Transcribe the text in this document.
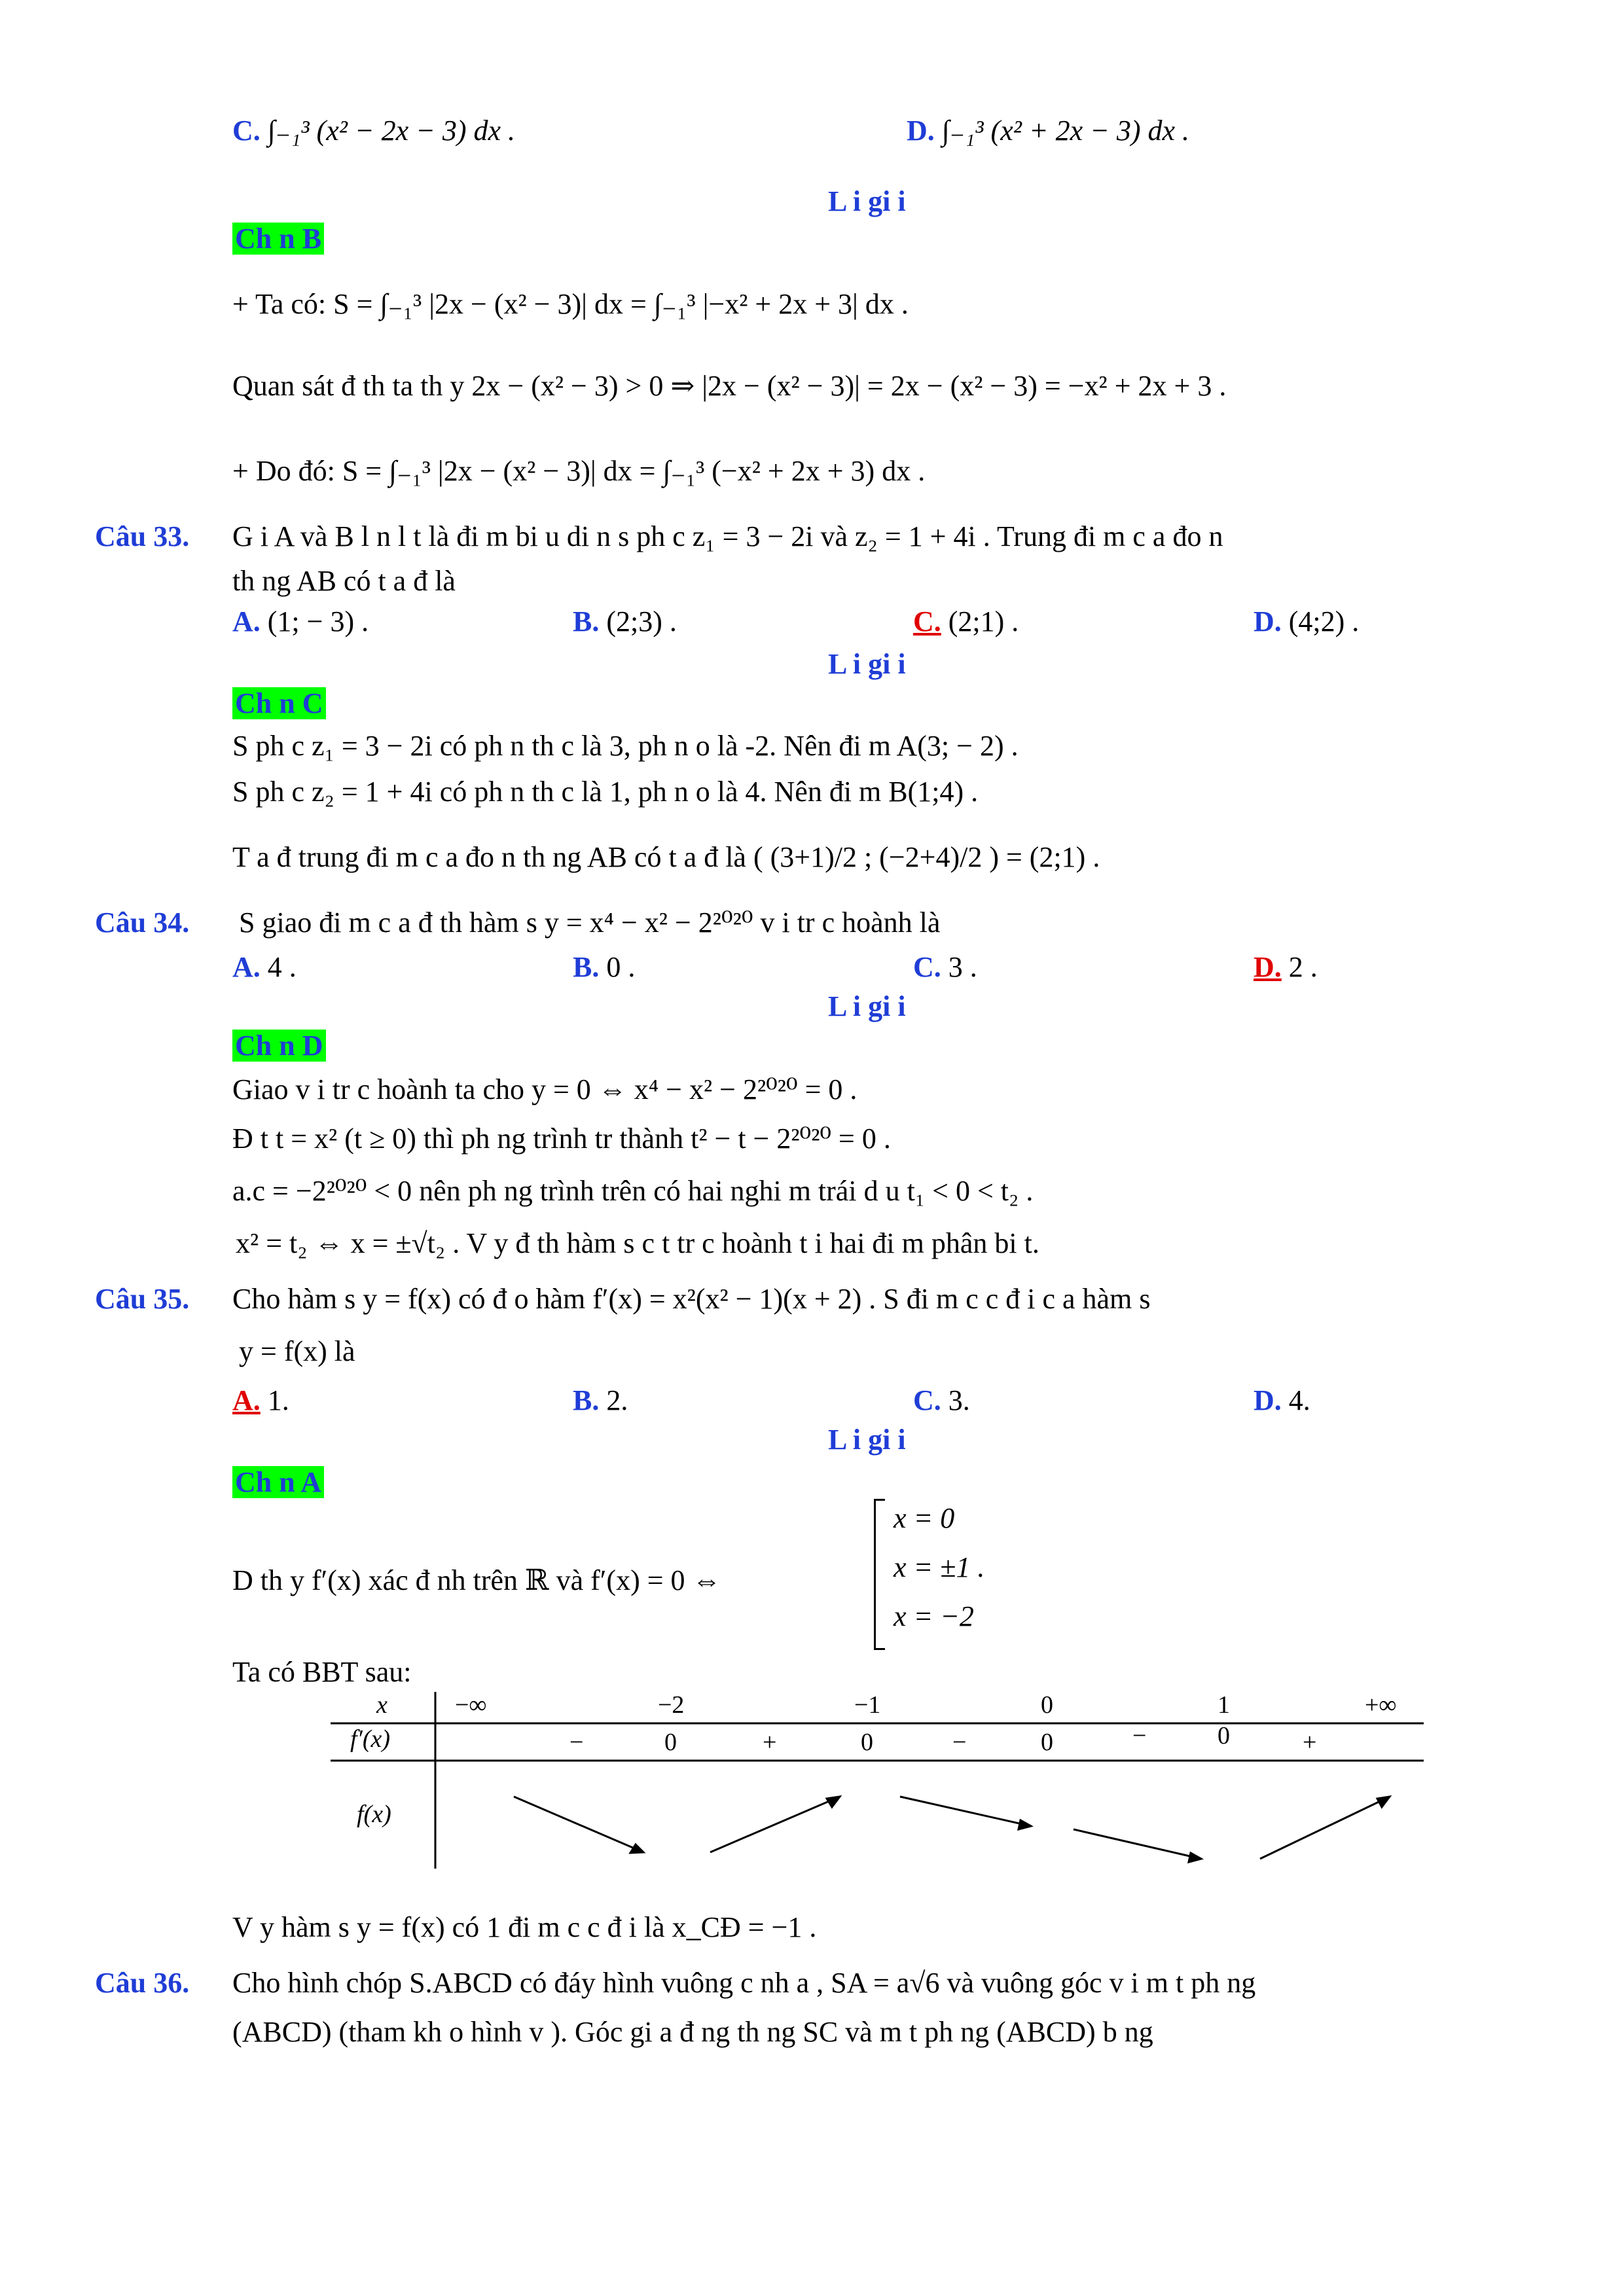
C. ∫₋₁³ (x² − 2x − 3) dx .	D. ∫₋₁³ (x² + 2x − 3) dx .
L i gi i
Ch n B
+ Ta có: S = ∫₋₁³ |2x − (x² − 3)| dx = ∫₋₁³ |−x² + 2x + 3| dx .
Quan sát đ th ta th y 2x − (x² − 3) > 0 ⇒ |2x − (x² − 3)| = 2x − (x² − 3) = −x² + 2x + 3 .
+ Do đó: S = ∫₋₁³ |2x − (x² − 3)| dx = ∫₋₁³ (−x² + 2x + 3) dx .
Câu 33. G i A và B l n l t là đi m bi u di n s ph c z₁ = 3 − 2i và z₂ = 1 + 4i . Trung đi m c a đo n
th ng AB có t a đ là
A. (1; − 3) .	B. (2;3) .	C. (2;1) .	D. (4;2) .
L i gi i
Ch n C
S ph c z₁ = 3 − 2i có ph n th c là 3, ph n o là -2. Nên đi m A(3; − 2) .
S ph c z₂ = 1 + 4i có ph n th c là 1, ph n o là 4. Nên đi m B(1;4) .
T a đ trung đi m c a đo n th ng AB có t a đ là ( (3+1)/2 ; (−2+4)/2 ) = (2;1) .
Câu 34. S giao đi m c a đ th hàm s y = x⁴ − x² − 2²⁰²⁰ v i tr c hoành là
A. 4 .	B. 0 .	C. 3 .	D. 2 .
L i gi i
Ch n D
Giao v i tr c hoành ta cho y = 0 ⇔ x⁴ − x² − 2²⁰²⁰ = 0 .
Đ t t = x² (t ≥ 0) thì ph ng trình tr thành t² − t − 2²⁰²⁰ = 0 .
a.c = −2²⁰²⁰ < 0 nên ph ng trình trên có hai nghi m trái d u t₁ < 0 < t₂ .
x² = t₂ ⇔ x = ±√t₂ . V y đ th hàm s c t tr c hoành t i hai đi m phân bi t.
Câu 35. Cho hàm s y = f(x) có đ o hàm f′(x) = x²(x² − 1)(x + 2) . S đi m c c đ i c a hàm s
y = f(x) là
A. 1.	B. 2.	C. 3.	D. 4.
L i gi i
Ch n A
D th y f′(x) xác đ nh trên ℝ và f′(x) = 0 ⇔
x = 0
x = ±1 .
x = −2
Ta có BBT sau:
x	−∞	−2	−1	0	1	+∞
f′(x)	−	0	+	0	−	0	−	0	+
f(x)
V y hàm s y = f(x) có 1 đi m c c đ i là x_CĐ = −1 .
Câu 36. Cho hình chóp S.ABCD có đáy hình vuông c nh a , SA = a√6 và vuông góc v i m t ph ng
(ABCD) (tham kh o hình v ). Góc gi a đ ng th ng SC và m t ph ng (ABCD) b ng
